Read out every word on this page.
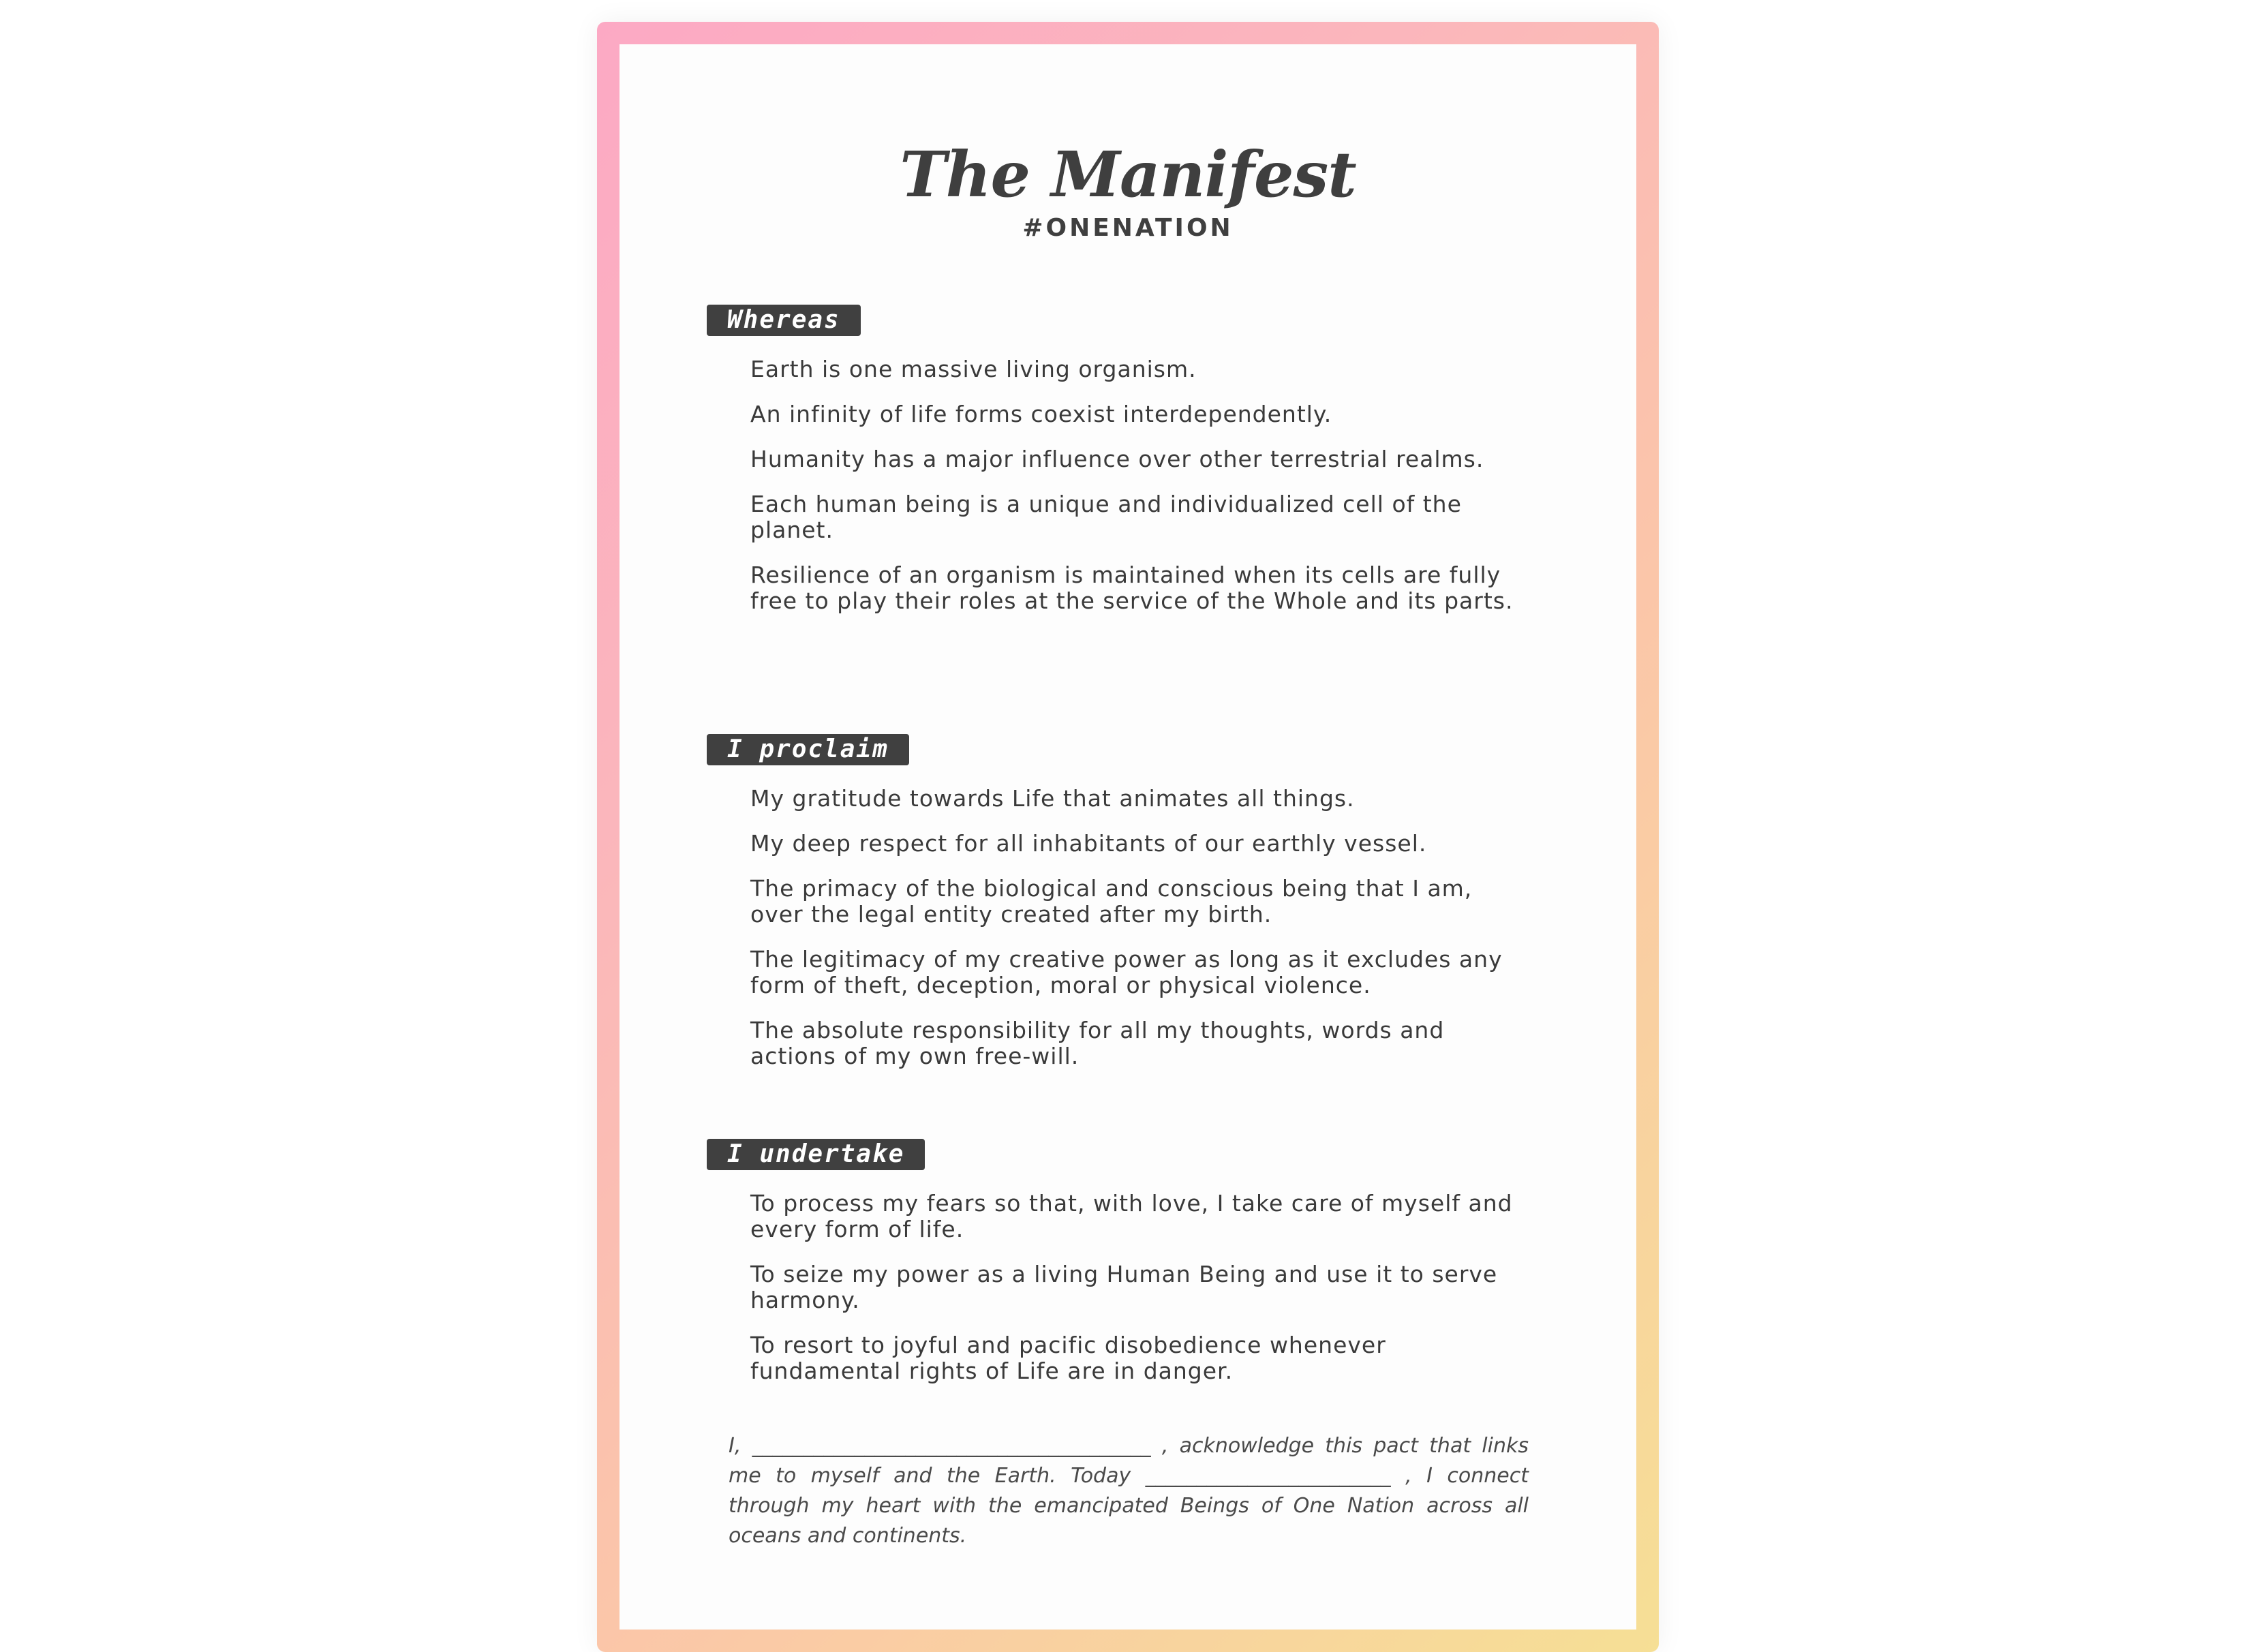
The Manifest
#ONENATION
Whereas
Earth is one massive living organism.
An infinity of life forms coexist interdependently.
Humanity has a major influence over other terrestrial realms.
Each human being is a unique and individualized cell of the planet.
Resilience of an organism is maintained when its cells are fully free to play their roles at the service of the Whole and its parts.
I proclaim
My gratitude towards Life that animates all things.
My deep respect for all inhabitants of our earthly vessel.
The primacy of the biological and conscious being that I am, over the legal entity created after my birth.
The legitimacy of my creative power as long as it excludes any form of theft, deception, moral or physical violence.
The absolute responsibility for all my thoughts, words and actions of my own free-will.
I undertake
To process my fears so that, with love, I take care of myself and every form of life.
To seize my power as a living Human Being and use it to serve harmony.
To resort to joyful and pacific disobedience whenever fundamental rights of Life are in danger.
I, _______________________________________ , acknowledge this pact that links me to myself and the Earth. Today ________________________ , I connect through my heart with the emancipated Beings of One Nation across all oceans and continents.
